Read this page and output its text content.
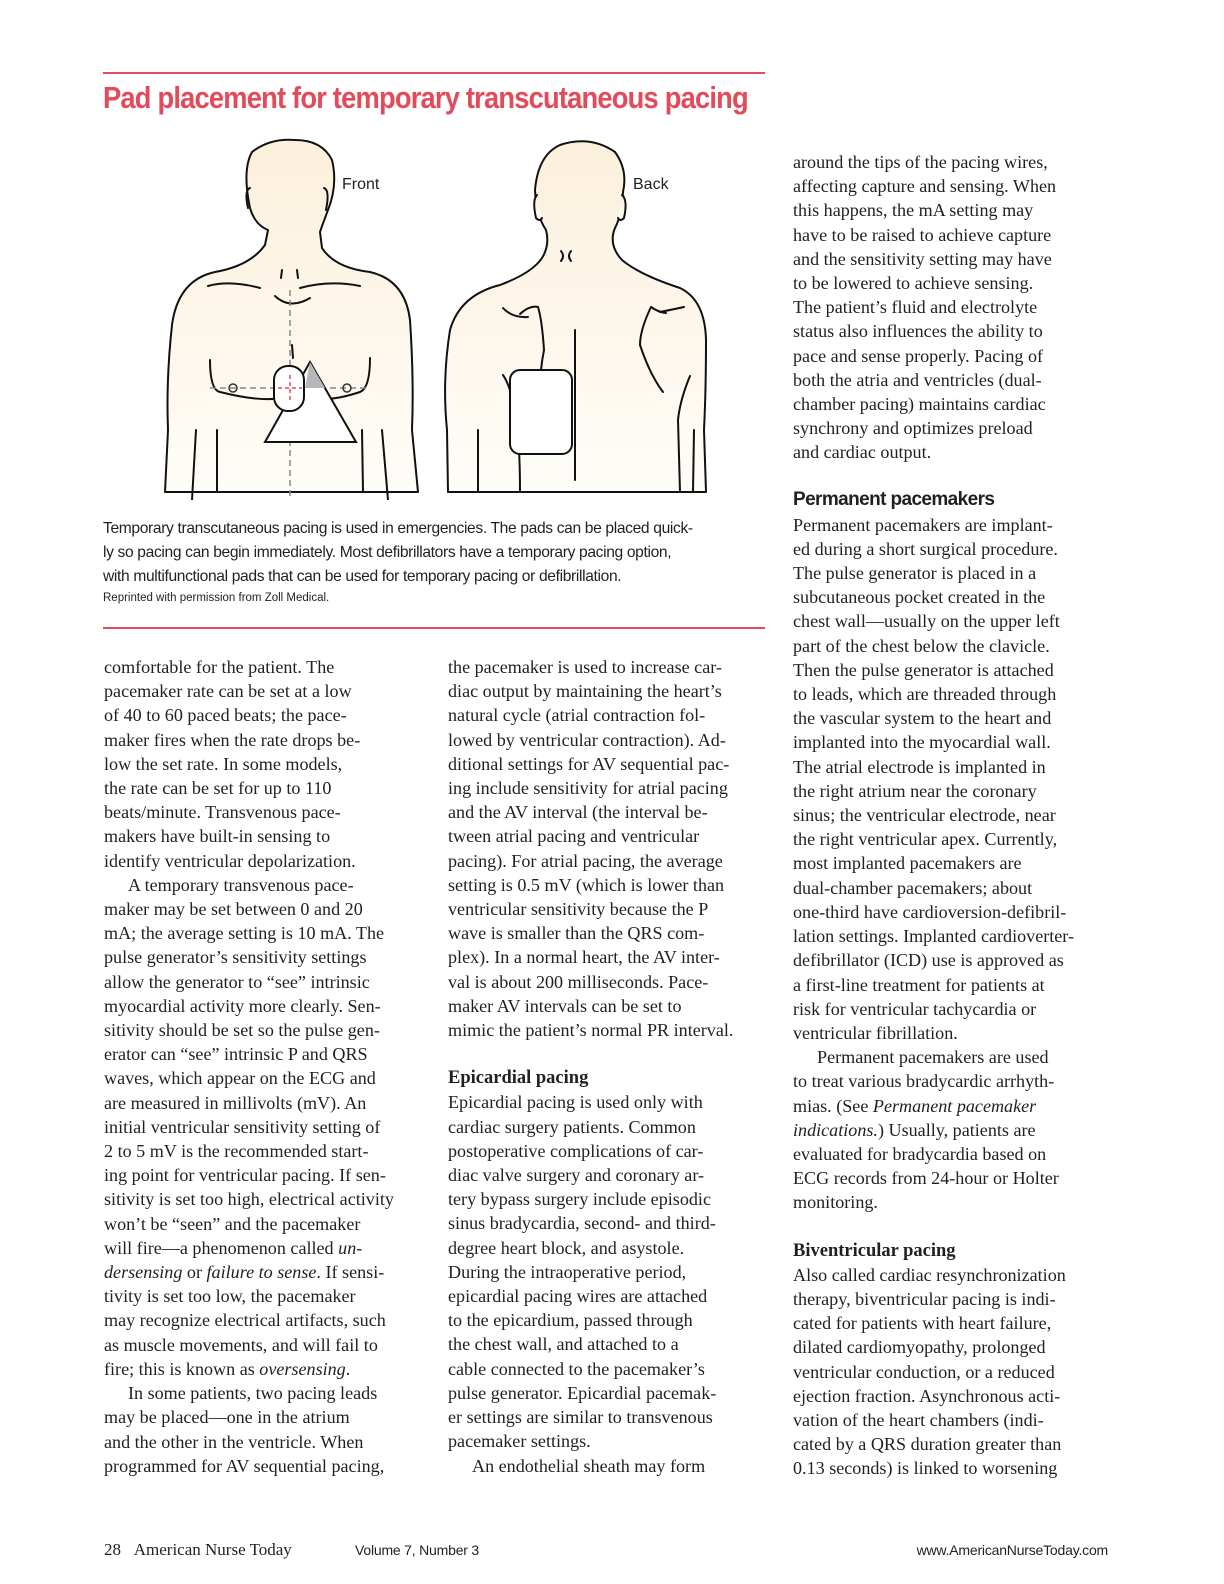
Pad placement for temporary transcutaneous pacing
Front	Back

Temporary transcutaneous pacing is used in emergencies. The pads can be placed quick-

ly so pacing can begin immediately. Most defibrillators have a temporary pacing option,

with multifunctional pads that can be used for temporary pacing or defibrillation.

Reprinted with permission from Zoll Medical.

comfortable for the patient. The
pacemaker rate can be set at a low
of 40 to 60 paced beats; the pace-
maker fires when the rate drops be-
low the set rate. In some models,
the rate can be set for up to 110
beats/minute. Transvenous pace-
makers have built-in sensing to
identify ventricular depolarization.

A temporary transvenous pace-
maker may be set between 0 and 20
mA; the average setting is 10 mA. The
pulse generator’s sensitivity settings
allow the generator to “see” intrinsic
myocardial activity more clearly. Sen-
sitivity should be set so the pulse gen-
erator can “see” intrinsic P and QRS
waves, which appear on the ECG and
are measured in millivolts (mV). An
initial ventricular sensitivity setting of
2 to 5 mV is the recommended start-
ing point for ventricular pacing. If sen-
sitivity is set too high, electrical activity
won’t be “seen” and the pacemaker
will fire—a phenomenon called un-
dersensing or failure to sense. If sensi-
tivity is set too low, the pacemaker
may recognize electrical artifacts, such
as muscle movements, and will fail to
fire; this is known as oversensing.

In some patients, two pacing leads
may be placed—one in the atrium
and the other in the ventricle. When
programmed for AV sequential pacing,

the pacemaker is used to increase car-
diac output by maintaining the heart’s
natural cycle (atrial contraction fol-
lowed by ventricular contraction). Ad-
ditional settings for AV sequential pac-
ing include sensitivity for atrial pacing
and the AV interval (the interval be-
tween atrial pacing and ventricular
pacing). For atrial pacing, the average
setting is 0.5 mV (which is lower than
ventricular sensitivity because the P
wave is smaller than the QRS com-
plex). In a normal heart, the AV inter-
val is about 200 milliseconds. Pace-
maker AV intervals can be set to
mimic the patient’s normal PR interval.

Epicardial pacing

Epicardial pacing is used only with
cardiac surgery patients. Common
postoperative complications of car-
diac valve surgery and coronary ar-
tery bypass surgery include episodic
sinus bradycardia, second- and third-
degree heart block, and asystole.
During the intraoperative period,
epicardial pacing wires are attached
to the epicardium, passed through
the chest wall, and attached to a
cable connected to the pacemaker’s
pulse generator. Epicardial pacemak-
er settings are similar to transvenous
pacemaker settings.

An endothelial sheath may form

around the tips of the pacing wires,
affecting capture and sensing. When
this happens, the mA setting may
have to be raised to achieve capture
and the sensitivity setting may have
to be lowered to achieve sensing.
The patient’s fluid and electrolyte
status also influences the ability to
pace and sense properly. Pacing of
both the atria and ventricles (dual-
chamber pacing) maintains cardiac
synchrony and optimizes preload
and cardiac output.

Permanent pacemakers

Permanent pacemakers are implant-
ed during a short surgical procedure.
The pulse generator is placed in a
subcutaneous pocket created in the
chest wall—usually on the upper left
part of the chest below the clavicle.
Then the pulse generator is attached
to leads, which are threaded through
the vascular system to the heart and
implanted into the myocardial wall.
The atrial electrode is implanted in
the right atrium near the coronary
sinus; the ventricular electrode, near
the right ventricular apex. Currently,
most implanted pacemakers are
dual-chamber pacemakers; about
one-third have cardioversion-defibril-
lation settings. Implanted cardioverter-
defibrillator (ICD) use is approved as
a first-line treatment for patients at
risk for ventricular tachycardia or
ventricular fibrillation.

Permanent pacemakers are used
to treat various bradycardic arrhyth-
mias. (See Permanent pacemaker
indications.) Usually, patients are
evaluated for bradycardia based on
ECG records from 24-hour or Holter
monitoring.

Biventricular pacing

Also called cardiac resynchronization
therapy, biventricular pacing is indi-
cated for patients with heart failure,
dilated cardiomyopathy, prolonged
ventricular conduction, or a reduced
ejection fraction. Asynchronous acti-
vation of the heart chambers (indi-
cated by a QRS duration greater than
0.13 seconds) is linked to worsening

28 American Nurse Today	Volume 7, Number 3	www.AmericanNurseToday.com
